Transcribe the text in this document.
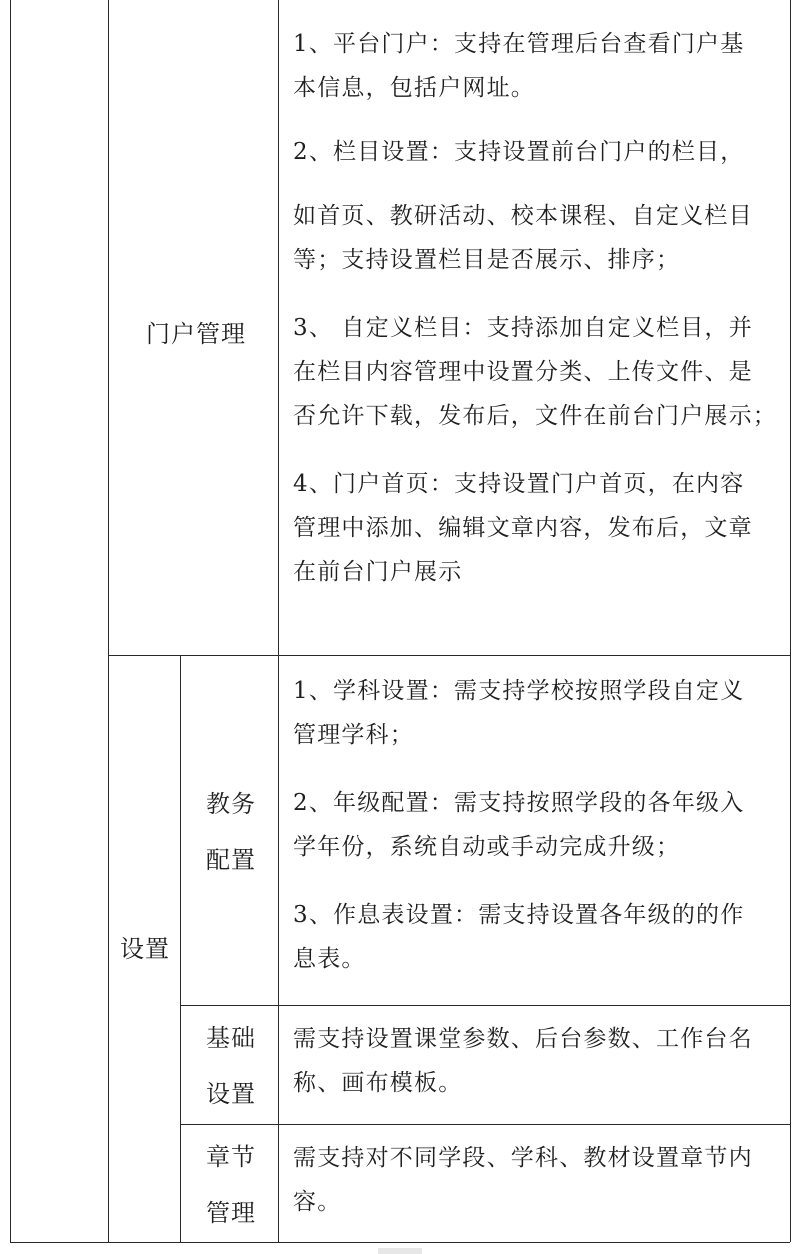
门户管理
1、平台门户：支持在管理后台查看门户基
本信息，包括户网址。
2、栏目设置：支持设置前台门户的栏目，
如首页、教研活动、校本课程、自定义栏目
等；支持设置栏目是否展示、排序；
3、 自定义栏目：支持添加自定义栏目，并
在栏目内容管理中设置分类、上传文件、是
否允许下载，发布后，文件在前台门户展示；
4、门户首页：支持设置门户首页，在内容
管理中添加、编辑文章内容，发布后，文章
在前台门户展示
设置
教务
配置
1、学科设置：需支持学校按照学段自定义
管理学科；
2、年级配置：需支持按照学段的各年级入
学年份，系统自动或手动完成升级；
3、作息表设置：需支持设置各年级的的作
息表。
基础
设置
需支持设置课堂参数、后台参数、工作台名
称、画布模板。
章节
管理
需支持对不同学段、学科、教材设置章节内
容。
